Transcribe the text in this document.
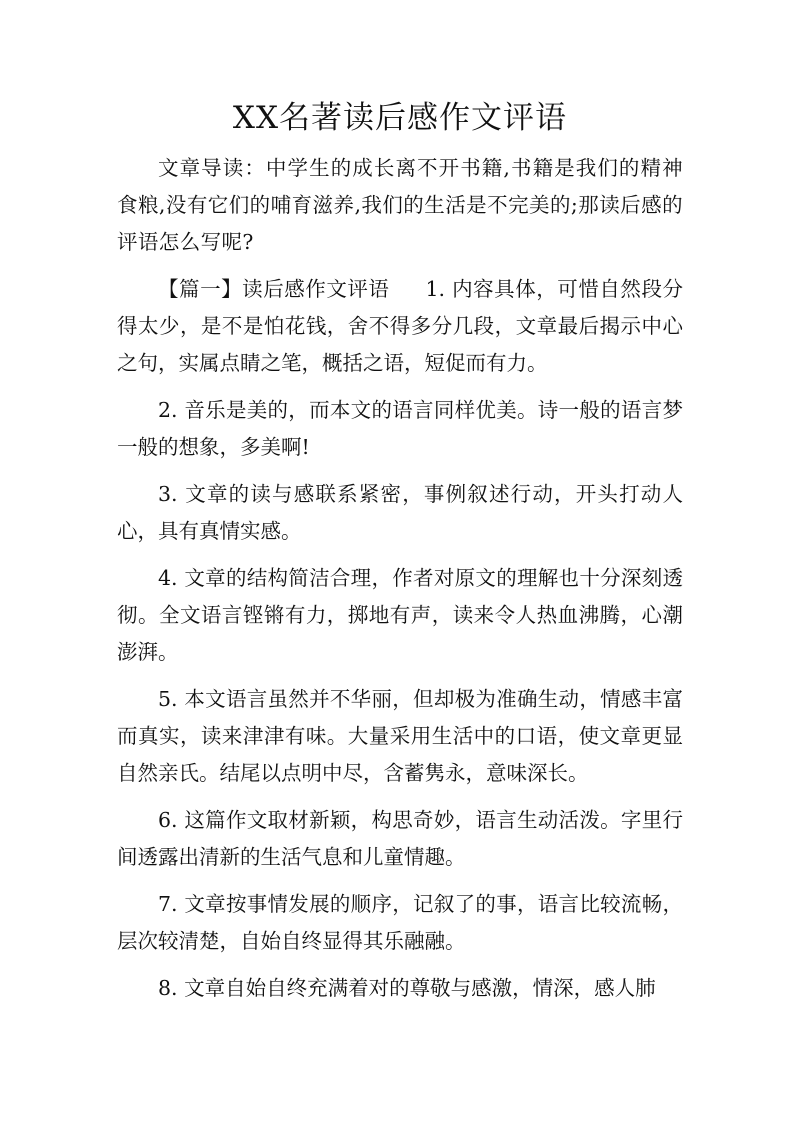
XX名著读后感作文评语

文章导读：中学生的成长离不开书籍,书籍是我们的精神食粮,没有它们的哺育滋养,我们的生活是不完美的;那读后感的评语怎么写呢?

【篇一】读后感作文评语 1. 内容具体，可惜自然段分得太少，是不是怕花钱，舍不得多分几段，文章最后揭示中心之句，实属点睛之笔，概括之语，短促而有力。

2. 音乐是美的，而本文的语言同样优美。诗一般的语言梦一般的想象，多美啊!

3. 文章的读与感联系紧密，事例叙述行动，开头打动人心，具有真情实感。

4. 文章的结构简洁合理，作者对原文的理解也十分深刻透彻。全文语言铿锵有力，掷地有声，读来令人热血沸腾，心潮澎湃。

5. 本文语言虽然并不华丽，但却极为准确生动，情感丰富而真实，读来津津有味。大量采用生活中的口语，使文章更显自然亲氏。结尾以点明中尽，含蓄隽永，意味深长。

6. 这篇作文取材新颖，构思奇妙，语言生动活泼。字里行间透露出清新的生活气息和儿童情趣。

7. 文章按事情发展的顺序，记叙了的事，语言比较流畅，层次较清楚，自始自终显得其乐融融。

8. 文章自始自终充满着对的尊敬与感激，情深，感人肺
